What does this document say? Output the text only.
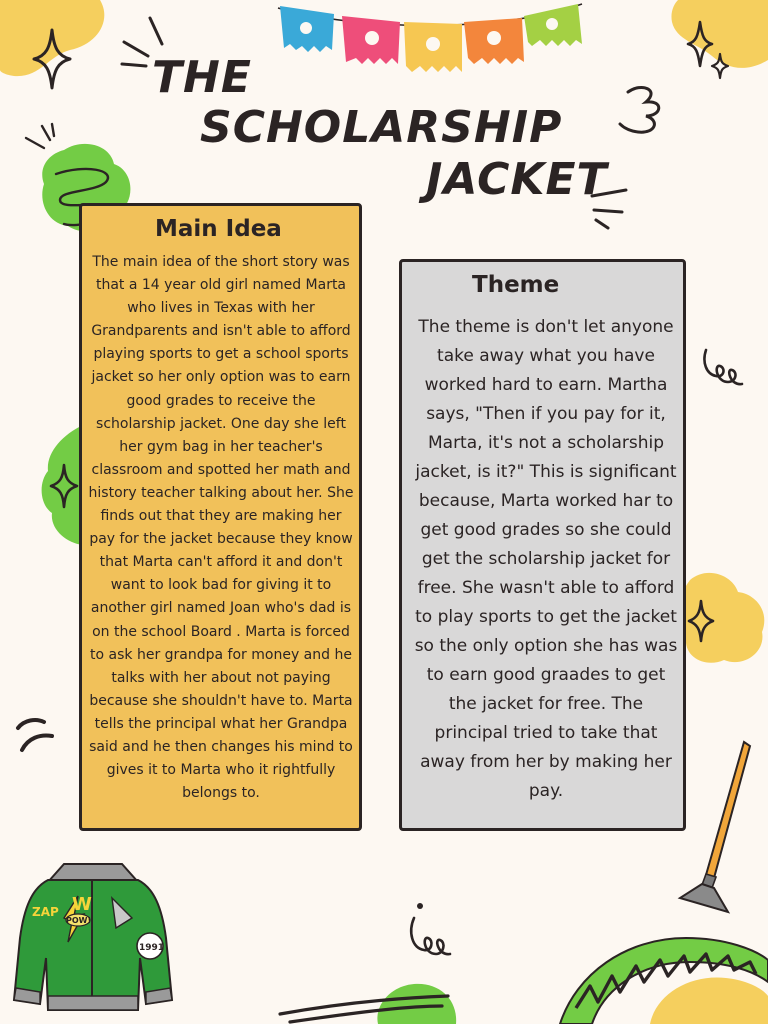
ZAP W
POW!
1991
THE
SCHOLARSHIP
JACKET
Main Idea

The main idea of the short story was that a 14 year old girl named Marta who lives in Texas with her Grandparents and isn't able to afford playing sports to get a school sports jacket so her only option was to earn good grades to receive the scholarship jacket. One day she left her gym bag in her teacher's classroom and spotted her math and history teacher talking about her. She finds out that they are making her pay for the jacket because they know that Marta can't afford it and don't want to look bad for giving it to another girl named Joan who's dad is on the school Board . Marta is forced to ask her grandpa for money and he talks with her about not paying because she shouldn't have to. Marta tells the principal what her Grandpa said and he then changes his mind to gives it to Marta who it rightfully belongs to.

Theme

The theme is don't let anyone take away what you have worked hard to earn. Martha says, "Then if you pay for it, Marta, it's not a scholarship jacket, is it?" This is significant because, Marta worked har to get good grades so she could get the scholarship jacket for free. She wasn't able to afford to play sports to get the jacket so the only option she has was to earn good graades to get the jacket for free. The principal tried to take that away from her by making her pay.
